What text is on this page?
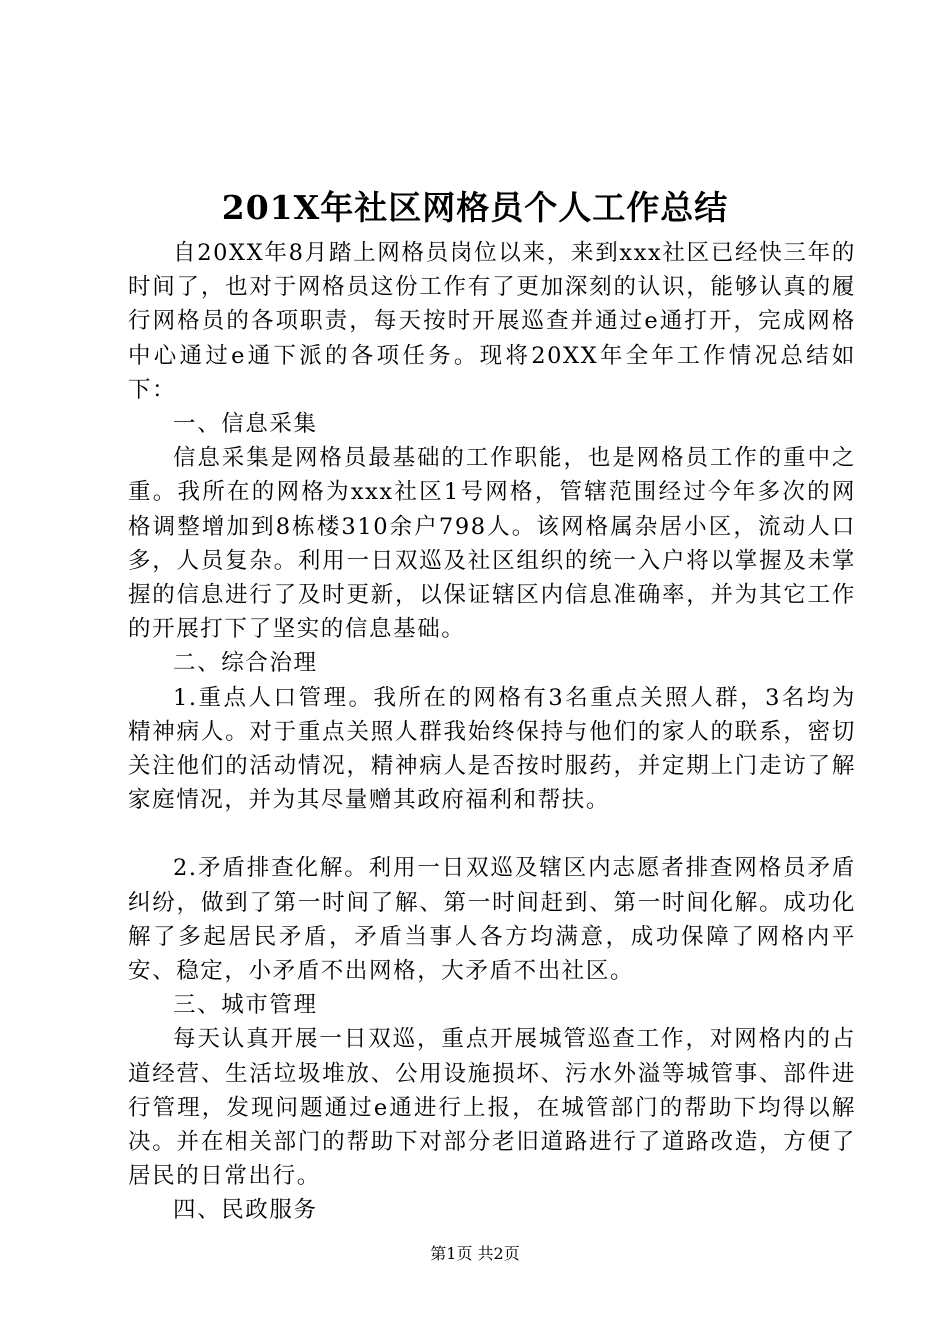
201X年社区网格员个人工作总结

自20XX年8月踏上网格员岗位以来，来到xxx社区已经快三年的时间了，也对于网格员这份工作有了更加深刻的认识，能够认真的履行网格员的各项职责，每天按时开展巡查并通过e通打开，完成网格中心通过e通下派的各项任务。现将20XX年全年工作情况总结如下：

一、信息采集

信息采集是网格员最基础的工作职能，也是网格员工作的重中之重。我所在的网格为xxx社区1号网格，管辖范围经过今年多次的网格调整增加到8栋楼310余户798人。该网格属杂居小区，流动人口多，人员复杂。利用一日双巡及社区组织的统一入户将以掌握及未掌握的信息进行了及时更新，以保证辖区内信息准确率，并为其它工作的开展打下了坚实的信息基础。

二、综合治理

1.重点人口管理。我所在的网格有3名重点关照人群，3名均为精神病人。对于重点关照人群我始终保持与他们的家人的联系，密切关注他们的活动情况，精神病人是否按时服药，并定期上门走访了解家庭情况，并为其尽量赠其政府福利和帮扶。

2.矛盾排查化解。利用一日双巡及辖区内志愿者排查网格员矛盾纠纷，做到了第一时间了解、第一时间赶到、第一时间化解。成功化解了多起居民矛盾，矛盾当事人各方均满意，成功保障了网格内平安、稳定，小矛盾不出网格，大矛盾不出社区。

三、城市管理

每天认真开展一日双巡，重点开展城管巡查工作，对网格内的占道经营、生活垃圾堆放、公用设施损坏、污水外溢等城管事、部件进行管理，发现问题通过e通进行上报，在城管部门的帮助下均得以解决。并在相关部门的帮助下对部分老旧道路进行了道路改造，方便了居民的日常出行。

四、民政服务

第1页 共2页
